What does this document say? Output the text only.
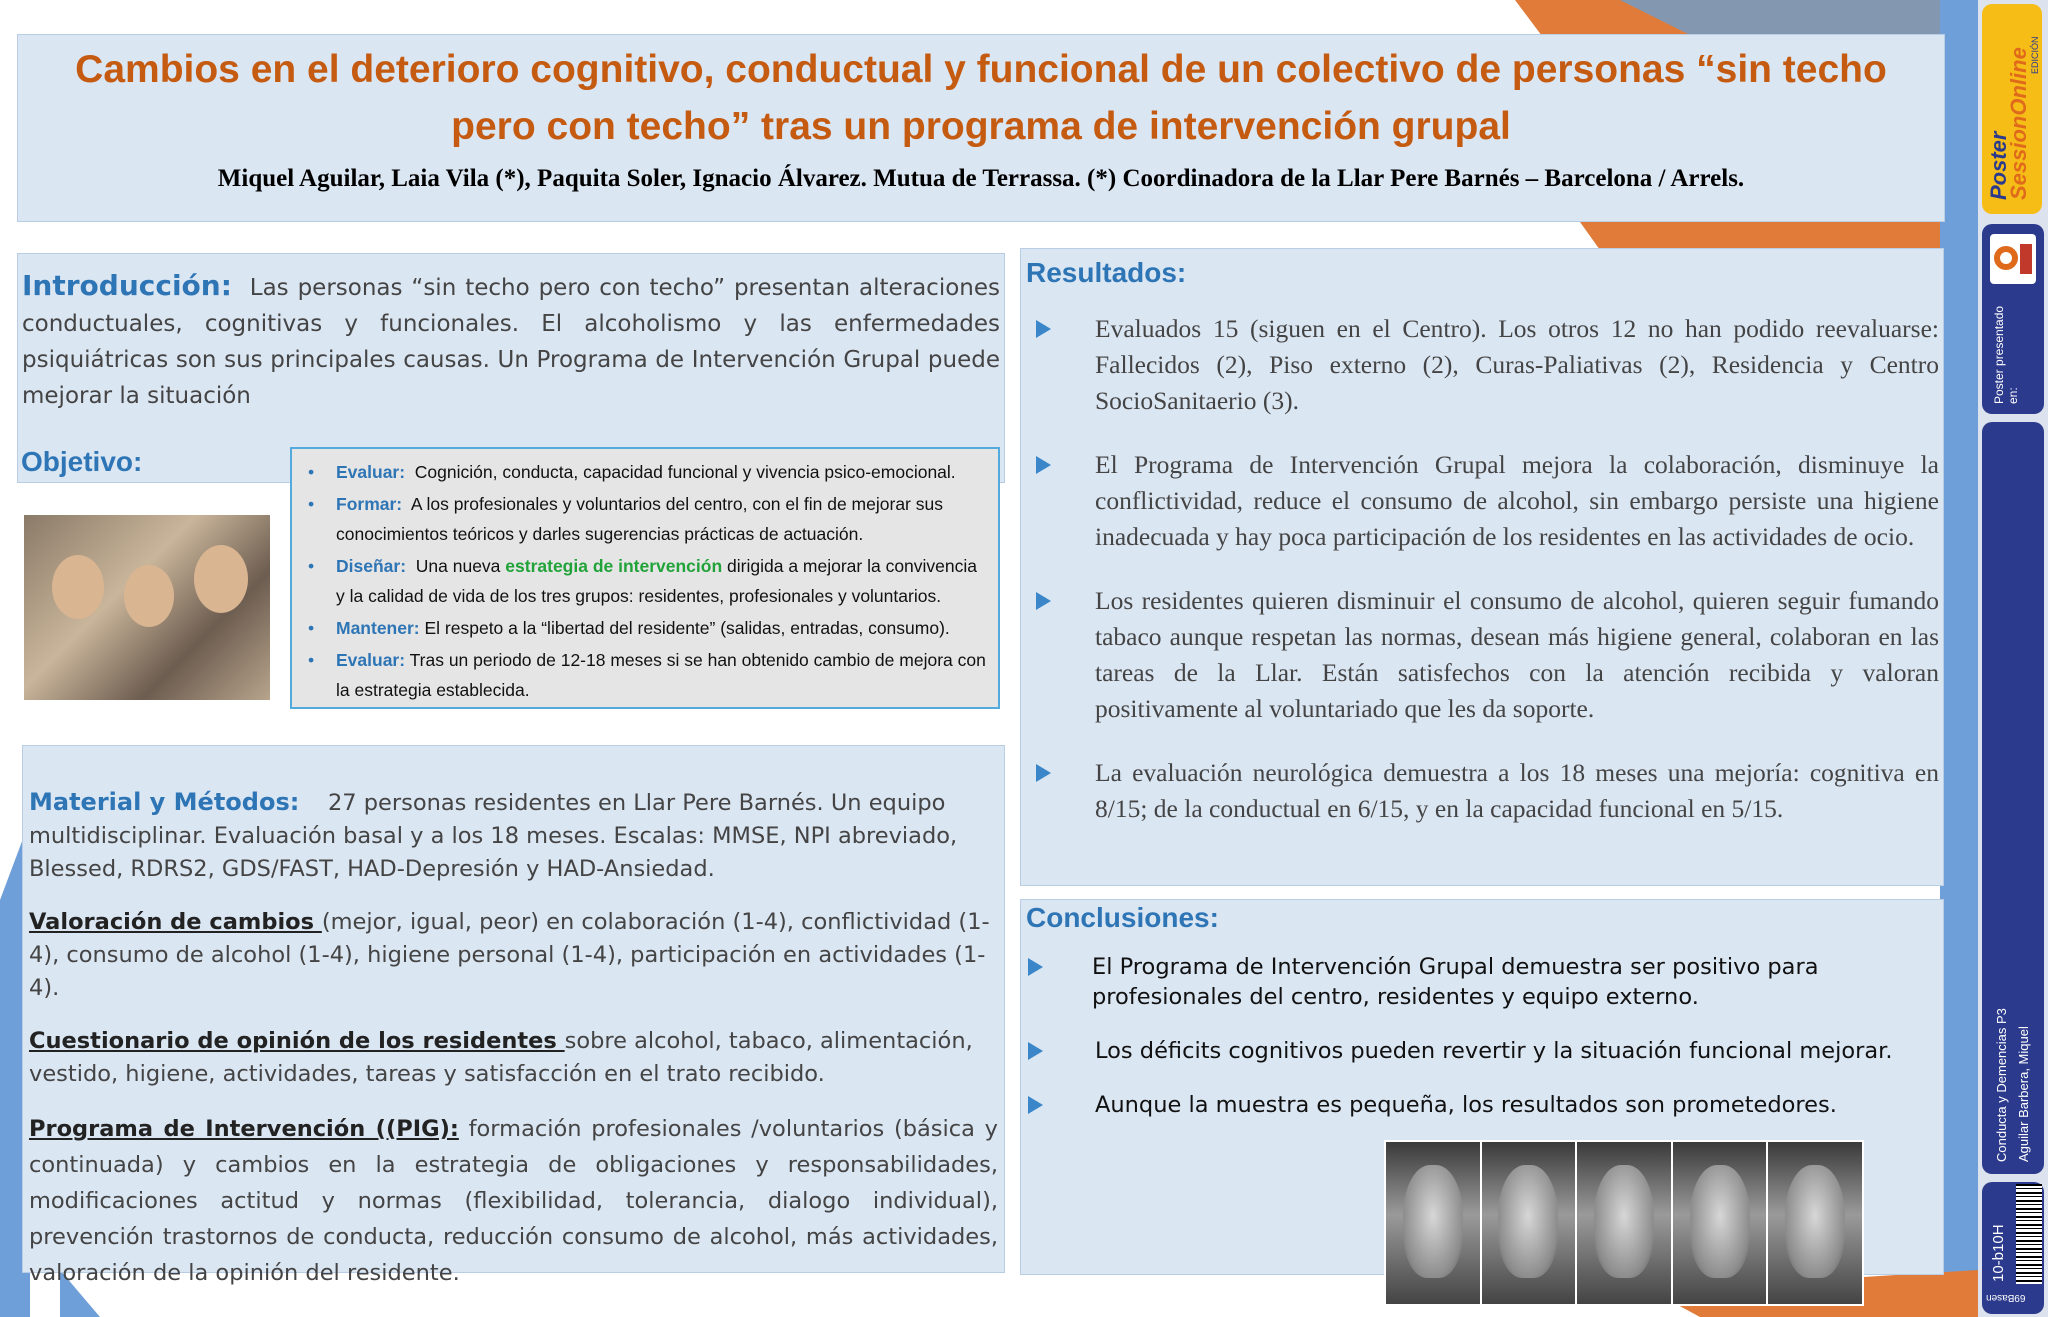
Cambios en el deterioro cognitivo, conductual y funcional de un colectivo de personas “sin techo pero con techo” tras un programa de intervención grupal
Miquel Aguilar, Laia Vila (*), Paquita Soler, Ignacio Álvarez. Mutua de Terrassa. (*) Coordinadora de la Llar Pere Barnés – Barcelona / Arrels.
Introducción: Las personas “sin techo pero con techo” presentan alteraciones conductuales, cognitivas y funcionales. El alcoholismo y las enfermedades psiquiátricas son sus principales causas. Un Programa de Intervención Grupal puede mejorar la situación
Objetivo:	• Evaluar: Cognición, conducta, capacidad funcional y vivencia psico-emocional.
• Formar: A los profesionales y voluntarios del centro, con el fin de mejorar sus conocimientos teóricos y darles sugerencias prácticas de actuación.
• Diseñar: Una nueva estrategia de intervención dirigida a mejorar la convivencia y la calidad de vida de los tres grupos: residentes, profesionales y voluntarios.
• Mantener: El respeto a la “libertad del residente” (salidas, entradas, consumo).
• Evaluar: Tras un periodo de 12-18 meses si se han obtenido cambio de mejora con la estrategia establecida.

Material y Métodos: 27 personas residentes en Llar Pere Barnés. Un equipo multidisciplinar. Evaluación basal y a los 18 meses. Escalas: MMSE, NPI abreviado, Blessed, RDRS2, GDS/FAST, HAD-Depresión y HAD-Ansiedad.

Valoración de cambios (mejor, igual, peor) en colaboración (1-4), conflictividad (1-4), consumo de alcohol (1-4), higiene personal (1-4), participación en actividades (1-4).

Cuestionario de opinión de los residentes sobre alcohol, tabaco, alimentación, vestido, higiene, actividades, tareas y satisfacción en el trato recibido.

Programa de Intervención ((PIG): formación profesionales /voluntarios (básica y continuada) y cambios en la estrategia de obligaciones y responsabilidades, modificaciones actitud y normas (flexibilidad, tolerancia, dialogo individual), prevención trastornos de conducta, reducción consumo de alcohol, más actividades, valoración de la opinión del residente.

Resultados:
Evaluados 15 (siguen en el Centro). Los otros 12 no han podido reevaluarse: Fallecidos (2), Piso externo (2), Curas-Paliativas (2), Residencia y Centro SocioSanitaerio (3).
El Programa de Intervención Grupal mejora la colaboración, disminuye la conflictividad, reduce el consumo de alcohol, sin embargo persiste una higiene inadecuada y hay poca participación de los residentes en las actividades de ocio.
Los residentes quieren disminuir el consumo de alcohol, quieren seguir fumando tabaco aunque respetan las normas, desean más higiene general, colaboran en las tareas de la Llar. Están satisfechos con la atención recibida y valoran positivamente al voluntariado que les da soporte.
La evaluación neurológica demuestra a los 18 meses una mejoría: cognitiva en 8/15; de la conductual en 6/15, y en la capacidad funcional en 5/15.
Conclusiones:
El Programa de Intervención Grupal demuestra ser positivo para profesionales del centro, residentes y equipo externo.
Los déficits cognitivos pueden revertir y la situación funcional mejorar.
Aunque la muestra es pequeña, los resultados son prometedores.
Poster
SessionOnline EDICIÓN
Poster presentado en:
Conducta y Demencias P3 Aguilar Barbera, Miquel
10-b10H
69Basen
